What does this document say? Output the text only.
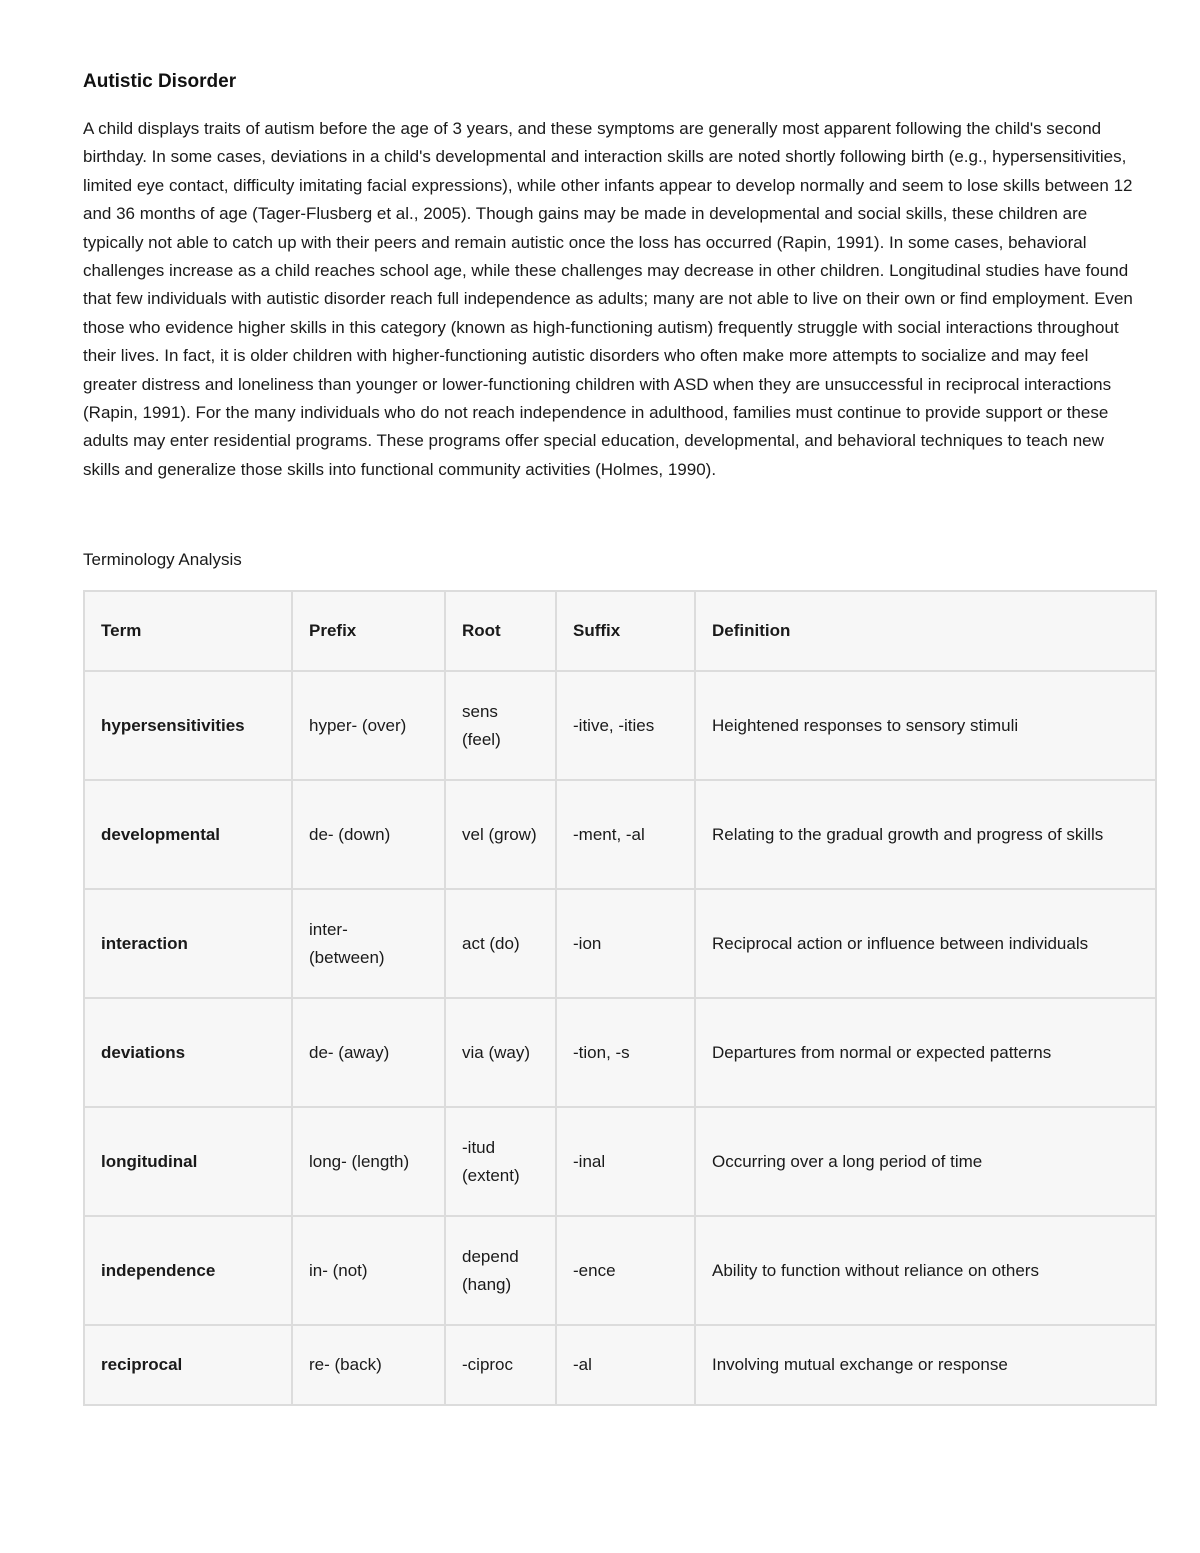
Autistic Disorder

A child displays traits of autism before the age of 3 years, and these symptoms are generally most apparent following the child's second birthday. In some cases, deviations in a child's developmental and interaction skills are noted shortly following birth (e.g., hypersensitivities, limited eye contact, difficulty imitating facial expressions), while other infants appear to develop normally and seem to lose skills between 12 and 36 months of age (Tager-Flusberg et al., 2005). Though gains may be made in developmental and social skills, these children are typically not able to catch up with their peers and remain autistic once the loss has occurred (Rapin, 1991). In some cases, behavioral challenges increase as a child reaches school age, while these challenges may decrease in other children. Longitudinal studies have found that few individuals with autistic disorder reach full independence as adults; many are not able to live on their own or find employment. Even those who evidence higher skills in this category (known as high-functioning autism) frequently struggle with social interactions throughout their lives. In fact, it is older children with higher-functioning autistic disorders who often make more attempts to socialize and may feel greater distress and loneliness than younger or lower-functioning children with ASD when they are unsuccessful in reciprocal interactions (Rapin, 1991). For the many individuals who do not reach independence in adulthood, families must continue to provide support or these adults may enter residential programs. These programs offer special education, developmental, and behavioral techniques to teach new skills and generalize those skills into functional community activities (Holmes, 1990).

Terminology Analysis

Term	Prefix	Root	Suffix	Definition
hypersensitivities	hyper- (over)	sens (feel)	-itive, -ities	Heightened responses to sensory stimuli
developmental	de- (down)	vel (grow)	-ment, -al	Relating to the gradual growth and progress of skills
interaction	inter- (between)	act (do)	-ion	Reciprocal action or influence between individuals
deviations	de- (away)	via (way)	-tion, -s	Departures from normal or expected patterns
longitudinal	long- (length)	-itud (extent)	-inal	Occurring over a long period of time
independence	in- (not)	depend (hang)	-ence	Ability to function without reliance on others
reciprocal	re- (back)	-ciproc	-al	Involving mutual exchange or response
